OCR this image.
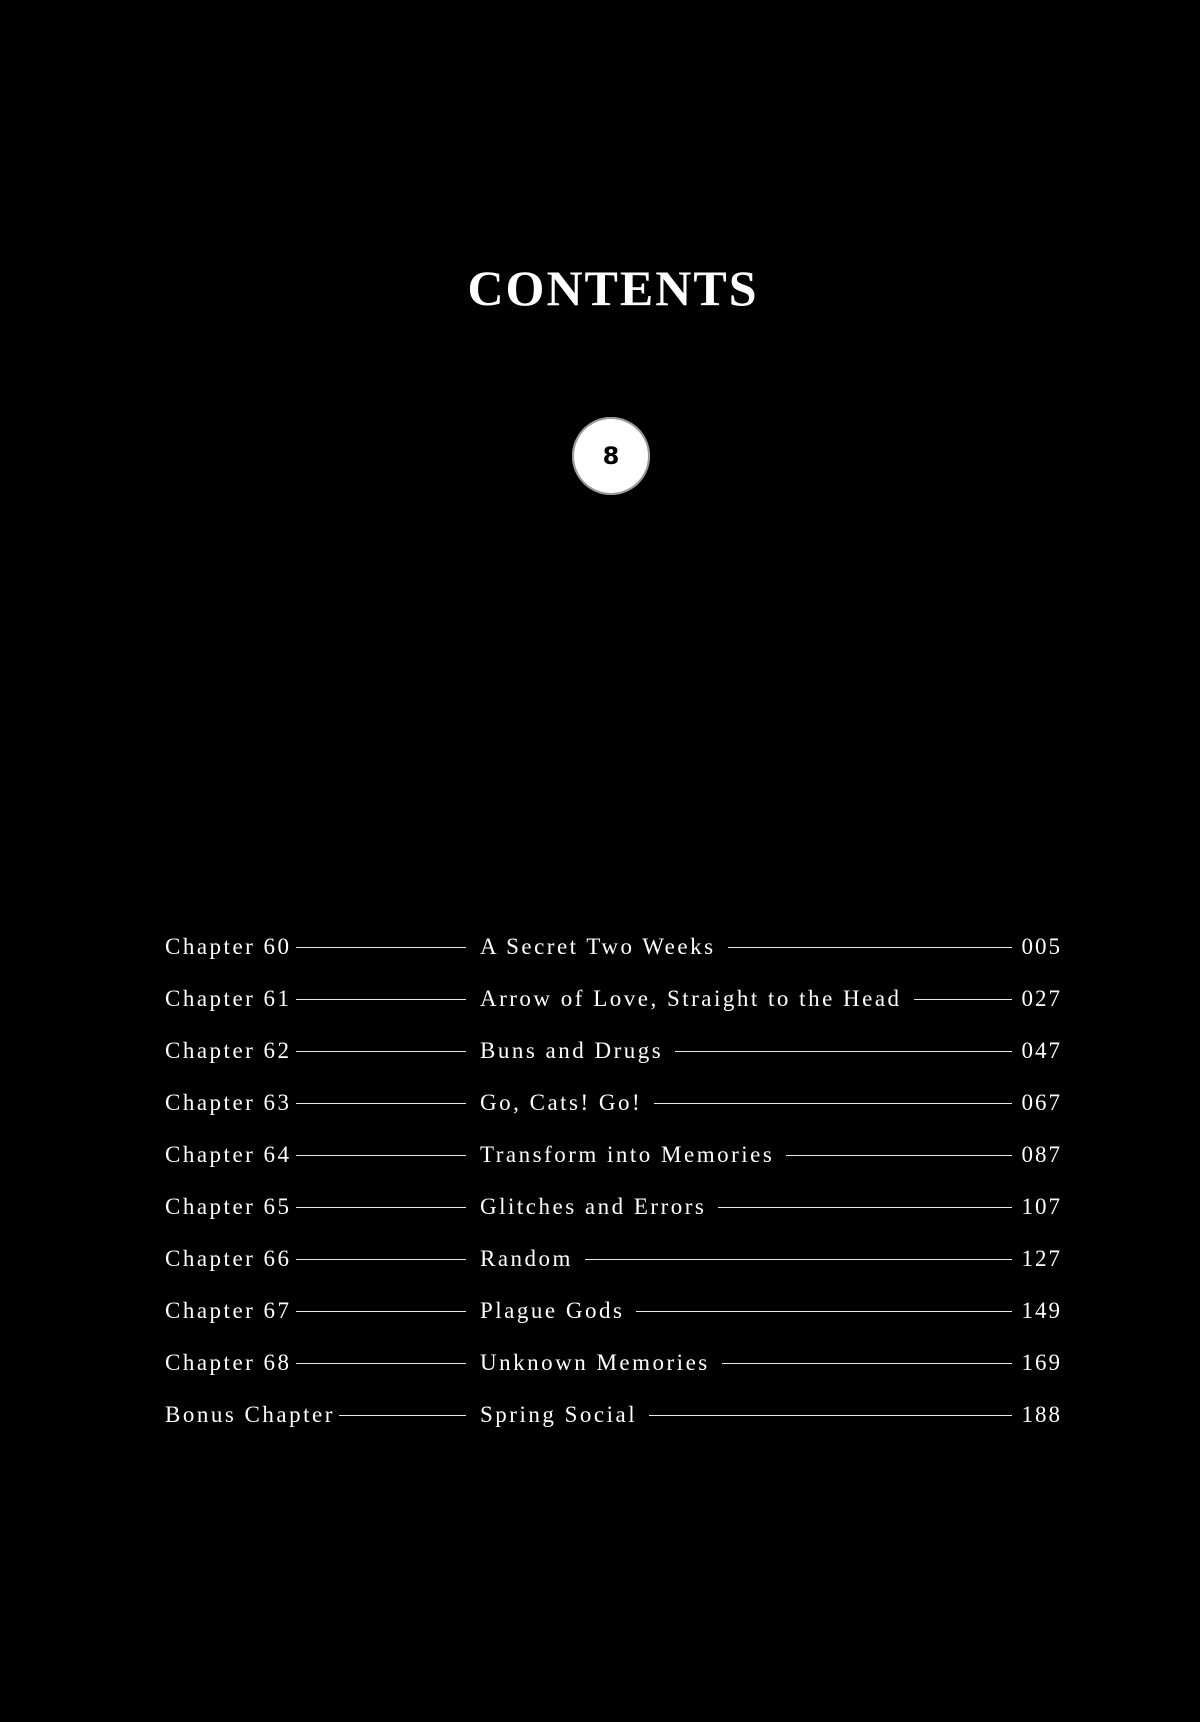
CONTENTS
8
Chapter 60	A Secret Two Weeks	005
Chapter 61	Arrow of Love, Straight to the Head	027
Chapter 62	Buns and Drugs	047
Chapter 63	Go, Cats! Go!	067
Chapter 64	Transform into Memories	087
Chapter 65	Glitches and Errors	107
Chapter 66	Random	127
Chapter 67	Plague Gods	149
Chapter 68	Unknown Memories	169
Bonus Chapter	Spring Social	188
